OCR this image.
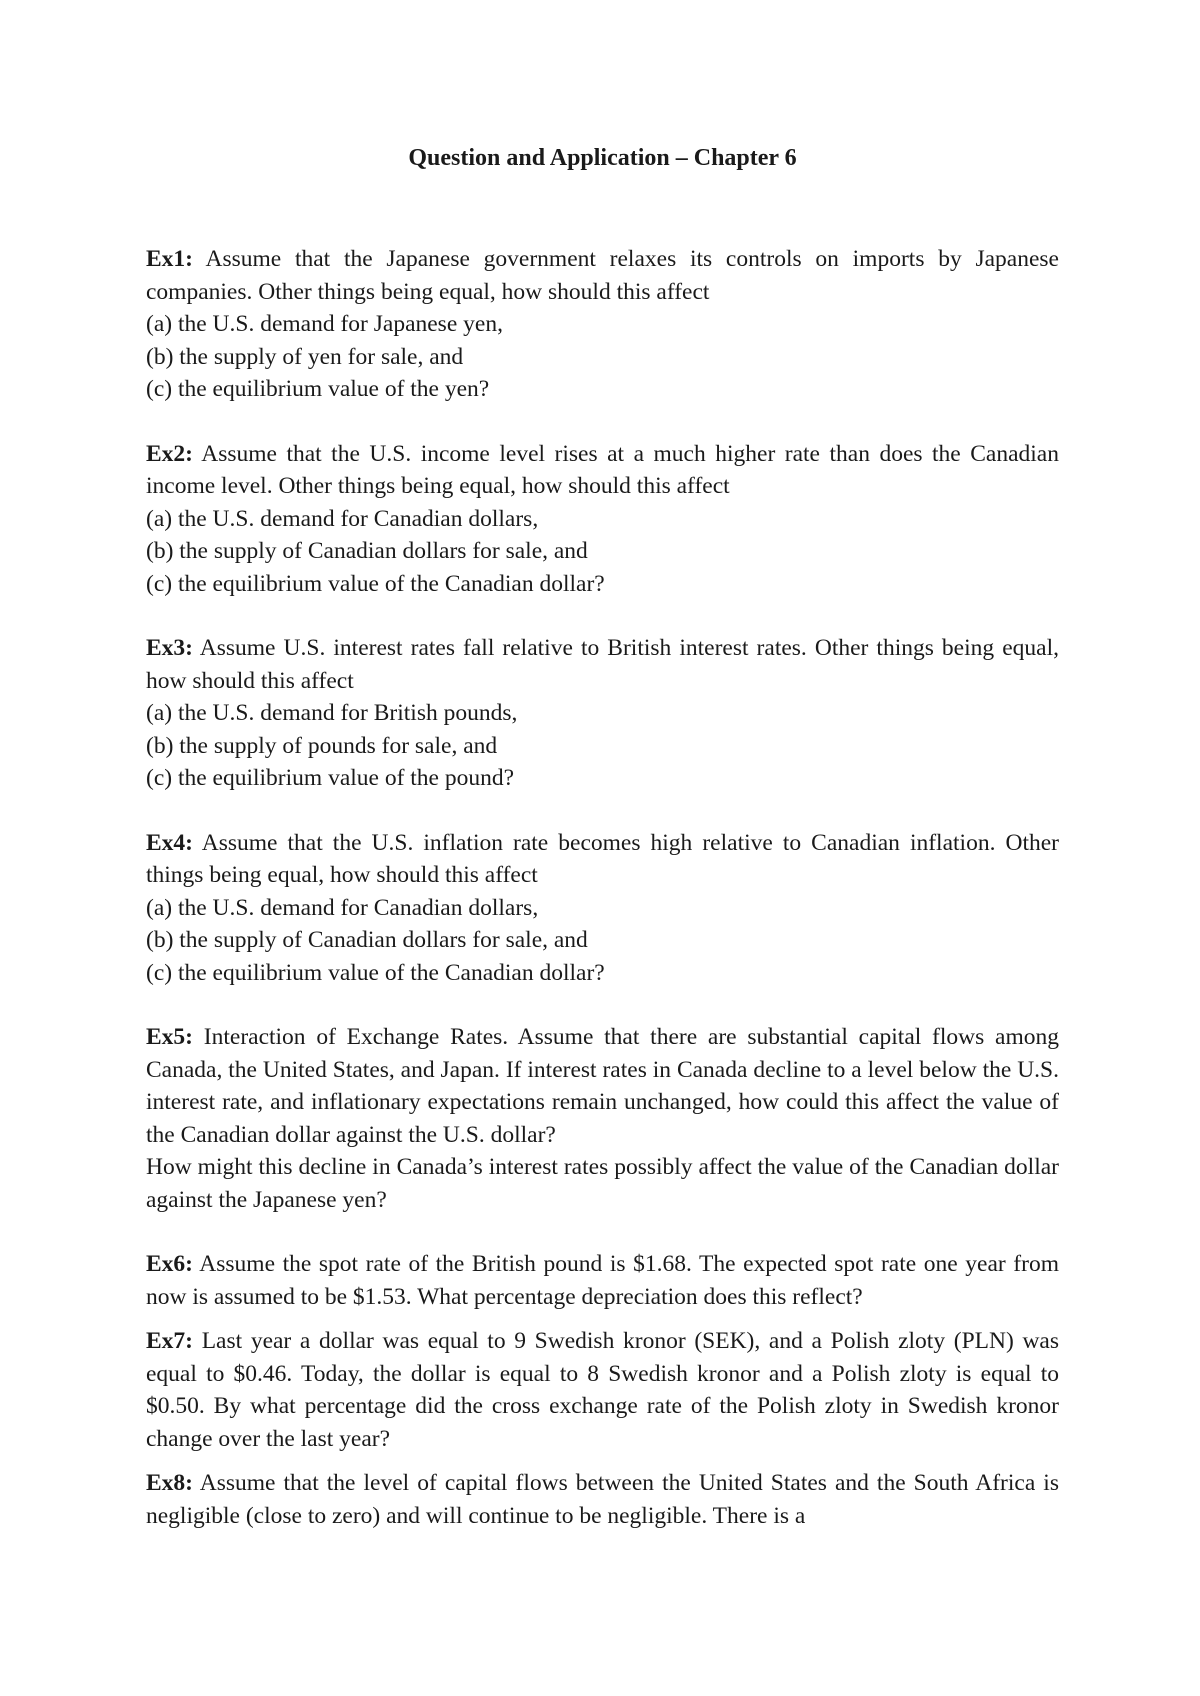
Question and Application – Chapter 6

Ex1: Assume that the Japanese government relaxes its controls on imports by Japanese companies. Other things being equal, how should this affect

(a) the U.S. demand for Japanese yen,

(b) the supply of yen for sale, and

(c) the equilibrium value of the yen?

Ex2: Assume that the U.S. income level rises at a much higher rate than does the Canadian income level. Other things being equal, how should this affect

(a) the U.S. demand for Canadian dollars,

(b) the supply of Canadian dollars for sale, and

(c) the equilibrium value of the Canadian dollar?

Ex3: Assume U.S. interest rates fall relative to British interest rates. Other things being equal, how should this affect

(a) the U.S. demand for British pounds,

(b) the supply of pounds for sale, and

(c) the equilibrium value of the pound?

Ex4: Assume that the U.S. inflation rate becomes high relative to Canadian inflation. Other things being equal, how should this affect

(a) the U.S. demand for Canadian dollars,

(b) the supply of Canadian dollars for sale, and

(c) the equilibrium value of the Canadian dollar?

Ex5: Interaction of Exchange Rates. Assume that there are substantial capital flows among Canada, the United States, and Japan. If interest rates in Canada decline to a level below the U.S. interest rate, and inflationary expectations remain unchanged, how could this affect the value of the Canadian dollar against the U.S. dollar?

How might this decline in Canada’s interest rates possibly affect the value of the Canadian dollar against the Japanese yen?

Ex6: Assume the spot rate of the British pound is $1.68. The expected spot rate one year from now is assumed to be $1.53. What percentage depreciation does this reflect?

Ex7: Last year a dollar was equal to 9 Swedish kronor (SEK), and a Polish zloty (PLN) was equal to $0.46. Today, the dollar is equal to 8 Swedish kronor and a Polish zloty is equal to $0.50. By what percentage did the cross exchange rate of the Polish zloty in Swedish kronor change over the last year?

Ex8: Assume that the level of capital flows between the United States and the South Africa is negligible (close to zero) and will continue to be negligible. There is a
